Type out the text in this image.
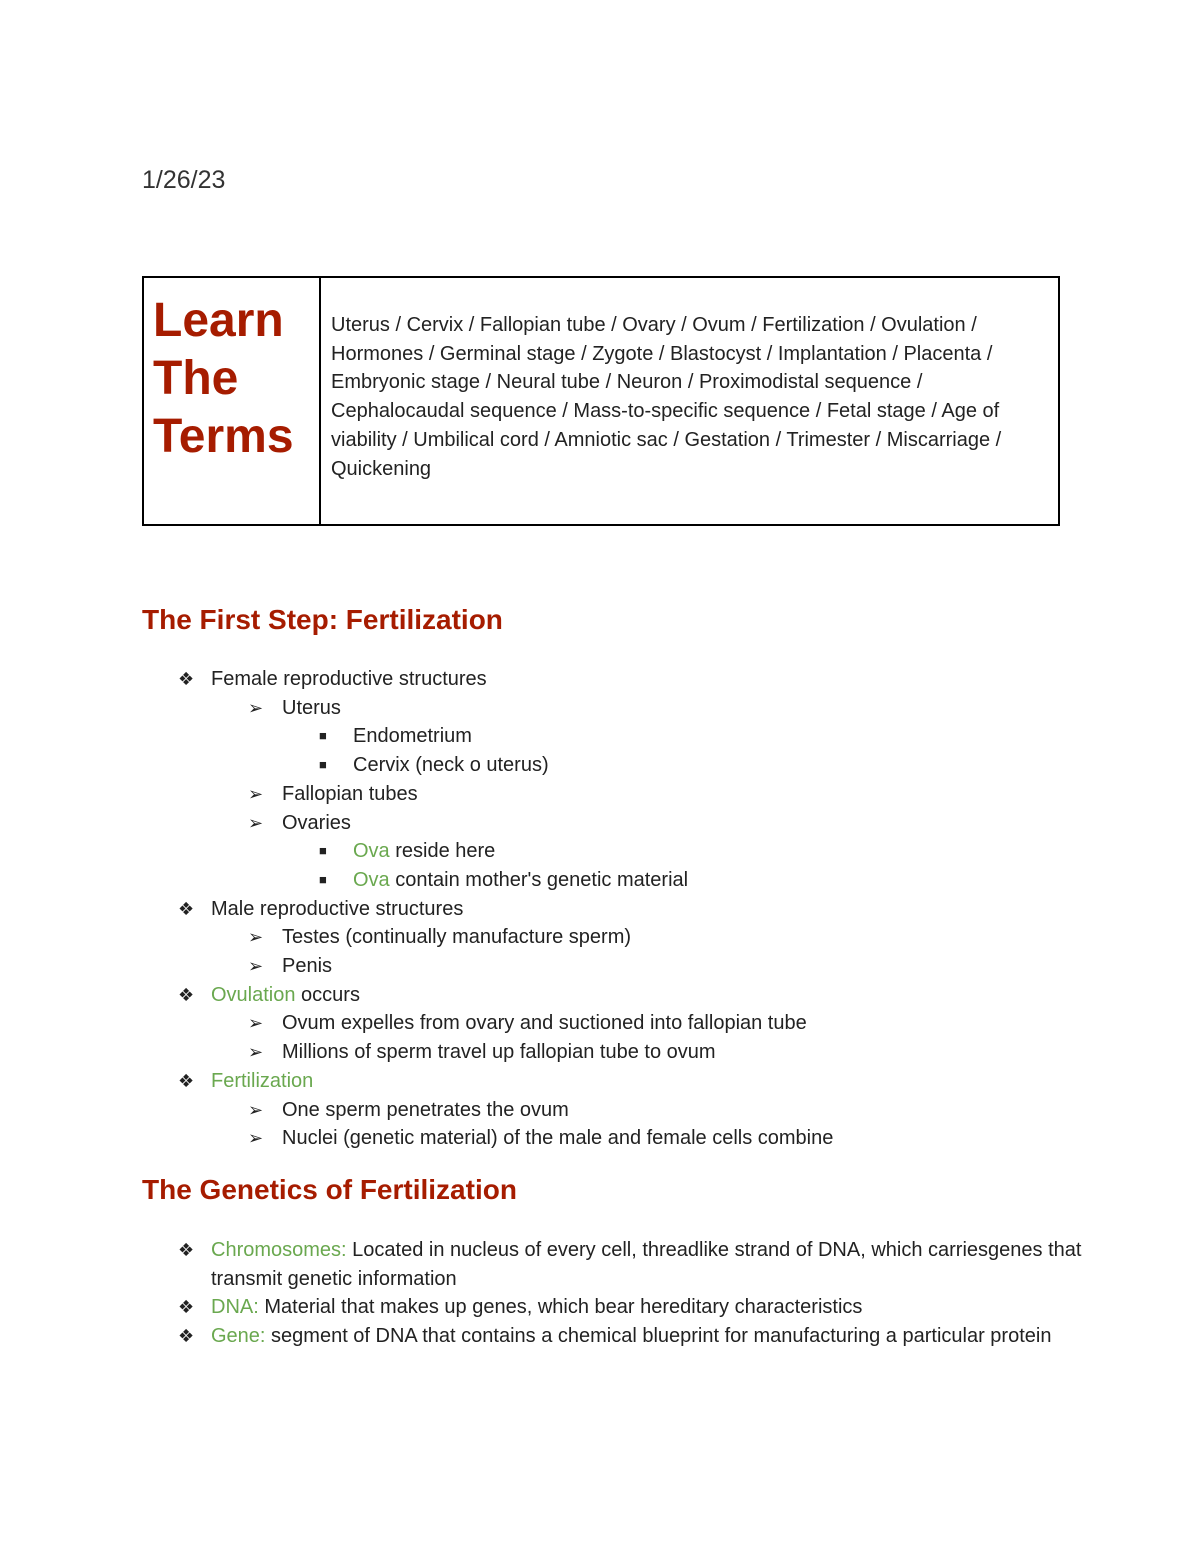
1/26/23

Learn
The
Terms

Uterus / Cervix / Fallopian tube / Ovary / Ovum / Fertilization / Ovulation / Hormones / Germinal stage / Zygote / Blastocyst / Implantation / Placenta / Embryonic stage / Neural tube / Neuron / Proximodistal sequence / Cephalocaudal sequence / Mass-to-specific sequence / Fetal stage / Age of viability / Umbilical cord / Amniotic sac / Gestation / Trimester / Miscarriage / Quickening

The First Step: Fertilization
❖ Female reproductive structures
➢ Uterus
■ Endometrium
■ Cervix (neck o uterus)
➢ Fallopian tubes
➢ Ovaries
■ Ova reside here
■ Ova contain mother's genetic material
❖ Male reproductive structures
➢ Testes (continually manufacture sperm)
➢ Penis
❖ Ovulation occurs
➢ Ovum expelles from ovary and suctioned into fallopian tube
➢ Millions of sperm travel up fallopian tube to ovum
❖ Fertilization
➢ One sperm penetrates the ovum
➢ Nuclei (genetic material) of the male and female cells combine
The Genetics of Fertilization
❖ Chromosomes: Located in nucleus of every cell, threadlike strand of DNA, which carriesgenes that transmit genetic information
❖ DNA: Material that makes up genes, which bear hereditary characteristics
❖ Gene: segment of DNA that contains a chemical blueprint for manufacturing a particular protein
